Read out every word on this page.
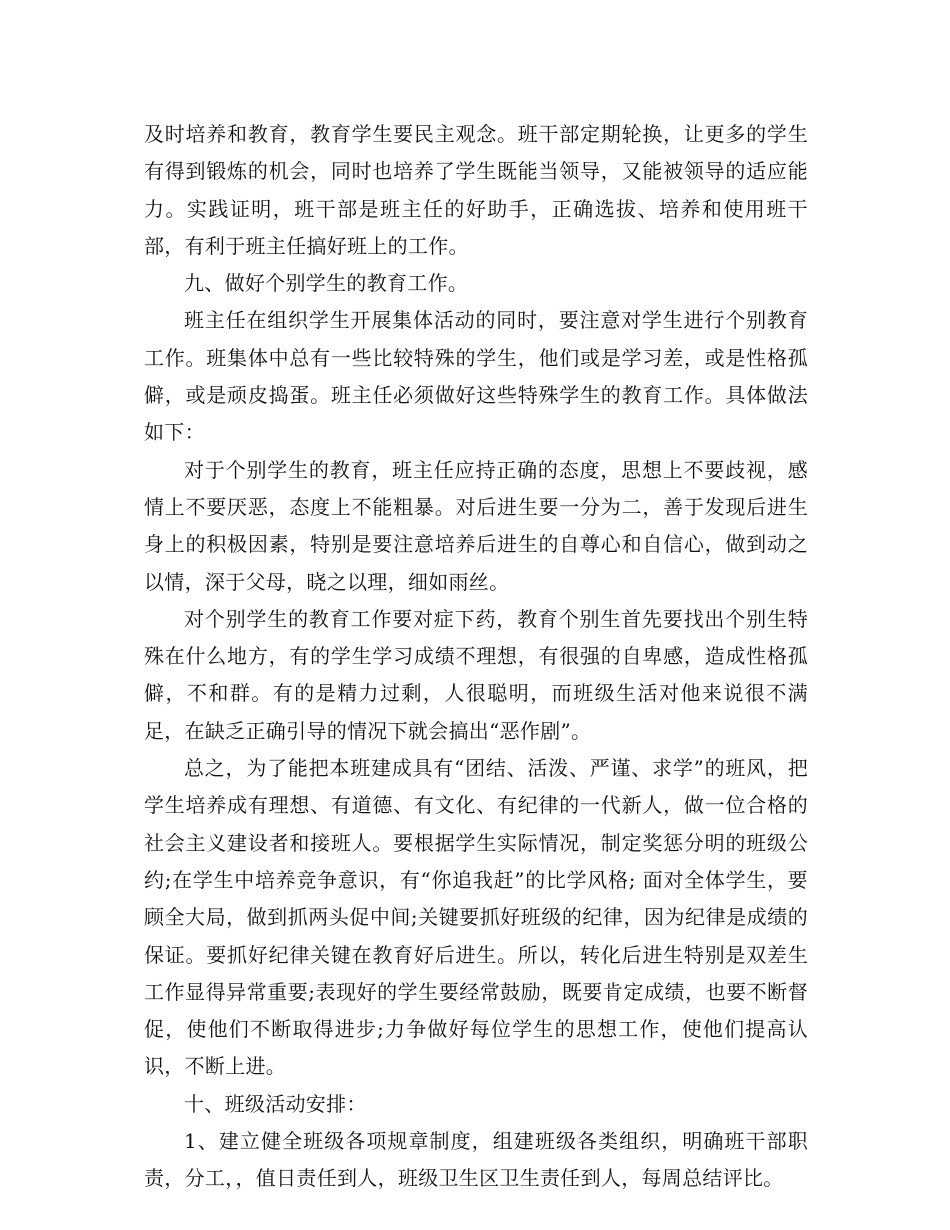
及时培养和教育，教育学生要民主观念。班干部定期轮换，让更多的学生有得到锻炼的机会，同时也培养了学生既能当领导，又能被领导的适应能力。实践证明，班干部是班主任的好助手，正确选拔、培养和使用班干部，有利于班主任搞好班上的工作。

九、做好个别学生的教育工作。

班主任在组织学生开展集体活动的同时，要注意对学生进行个别教育工作。班集体中总有一些比较特殊的学生，他们或是学习差，或是性格孤僻，或是顽皮捣蛋。班主任必须做好这些特殊学生的教育工作。具体做法如下：

对于个别学生的教育，班主任应持正确的态度，思想上不要歧视，感情上不要厌恶，态度上不能粗暴。对后进生要一分为二，善于发现后进生身上的积极因素，特别是要注意培养后进生的自尊心和自信心，做到动之以情，深于父母，晓之以理，细如雨丝。

对个别学生的教育工作要对症下药，教育个别生首先要找出个别生特殊在什么地方，有的学生学习成绩不理想，有很强的自卑感，造成性格孤僻，不和群。有的是精力过剩，人很聪明，而班级生活对他来说很不满足，在缺乏正确引导的情况下就会搞出“恶作剧”。

总之，为了能把本班建成具有“团结、活泼、严谨、求学”的班风，把学生培养成有理想、有道德、有文化、有纪律的一代新人，做一位合格的社会主义建设者和接班人。要根据学生实际情况，制定奖惩分明的班级公约;在学生中培养竞争意识，有“你追我赶”的比学风格; 面对全体学生，要顾全大局，做到抓两头促中间;关键要抓好班级的纪律，因为纪律是成绩的保证。要抓好纪律关键在教育好后进生。所以，转化后进生特别是双差生工作显得异常重要;表现好的学生要经常鼓励，既要肯定成绩，也要不断督促，使他们不断取得进步;力争做好每位学生的思想工作，使他们提高认识，不断上进。

十、班级活动安排：

1、建立健全班级各项规章制度，组建班级各类组织，明确班干部职责，分工，，值日责任到人，班级卫生区卫生责任到人，每周总结评比。
